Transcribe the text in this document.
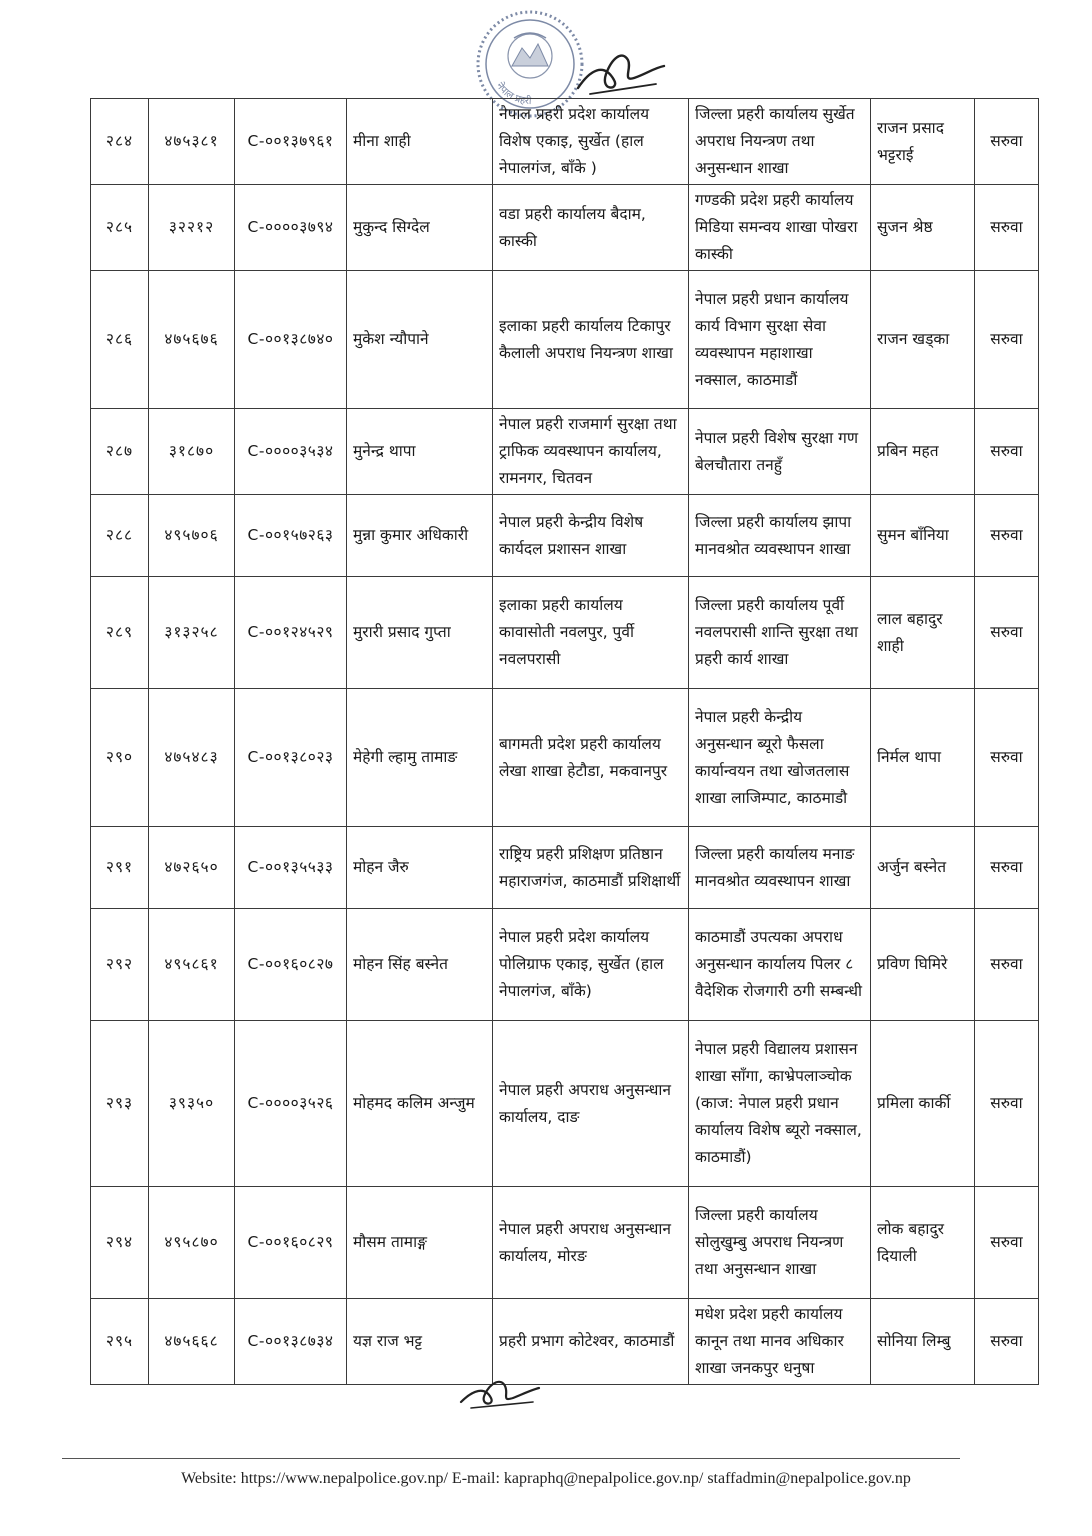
नेपाल प्रहरी
२८४	४७५३८१	C-००१३७९६१	मीना शाही	नेपाल प्रहरी प्रदेश कार्यालय विशेष एकाइ, सुर्खेत (हाल नेपालगंज, बाँके )	जिल्ला प्रहरी कार्यालय सुर्खेत अपराध नियन्त्रण तथा अनुसन्धान शाखा	राजन प्रसाद भट्टराई	सरुवा
२८५	३२२१२	C-००००३७९४	मुकुन्द सिग्देल	वडा प्रहरी कार्यालय बैदाम, कास्की	गण्डकी प्रदेश प्रहरी कार्यालय मिडिया समन्वय शाखा पोखरा कास्की	सुजन श्रेष्ठ	सरुवा
२८६	४७५६७६	C-००१३८७४०	मुकेश न्यौपाने	इलाका प्रहरी कार्यालय टिकापुर कैलाली अपराध नियन्त्रण शाखा	नेपाल प्रहरी प्रधान कार्यालय कार्य विभाग सुरक्षा सेवा व्यवस्थापन महाशाखा नक्साल, काठमाडौं	राजन खड्का	सरुवा
२८७	३१८७०	C-००००३५३४	मुनेन्द्र थापा	नेपाल प्रहरी राजमार्ग सुरक्षा तथा ट्राफिक व्यवस्थापन कार्यालय, रामनगर, चितवन	नेपाल प्रहरी विशेष सुरक्षा गण बेलचौतारा तनहुँ	प्रबिन महत	सरुवा
२८८	४९५७०६	C-००१५७२६३	मुन्ना कुमार अधिकारी	नेपाल प्रहरी केन्द्रीय विशेष कार्यदल प्रशासन शाखा	जिल्ला प्रहरी कार्यालय झापा मानवश्रोत व्यवस्थापन शाखा	सुमन बाँनिया	सरुवा
२८९	३१३२५८	C-००१२४५२९	मुरारी प्रसाद गुप्ता	इलाका प्रहरी कार्यालय कावासोती नवलपुर, पुर्वी नवलपरासी	जिल्ला प्रहरी कार्यालय पूर्वी नवलपरासी शान्ति सुरक्षा तथा प्रहरी कार्य शाखा	लाल बहादुर शाही	सरुवा
२९०	४७५४८३	C-००१३८०२३	मेहेगी ल्हामु तामाङ	बागमती प्रदेश प्रहरी कार्यालय लेखा शाखा हेटौडा, मकवानपुर	नेपाल प्रहरी केन्द्रीय अनुसन्धान ब्यूरो फैसला कार्यान्वयन तथा खोजतलास शाखा लाजिम्पाट, काठमाडौ	निर्मल थापा	सरुवा
२९१	४७२६५०	C-००१३५५३३	मोहन जैरु	राष्ट्रिय प्रहरी प्रशिक्षण प्रतिष्ठान महाराजगंज, काठमाडौं प्रशिक्षार्थी	जिल्ला प्रहरी कार्यालय मनाङ मानवश्रोत व्यवस्थापन शाखा	अर्जुन बस्नेत	सरुवा
२९२	४९५८६१	C-००१६०८२७	मोहन सिंह बस्नेत	नेपाल प्रहरी प्रदेश कार्यालय पोलिग्राफ एकाइ, सुर्खेत (हाल नेपालगंज, बाँके)	काठमाडौं उपत्यका अपराध अनुसन्धान कार्यालय पिलर ८ वैदेशिक रोजगारी ठगी सम्बन्धी	प्रविण घिमिरे	सरुवा
२९३	३९३५०	C-००००३५२६	मोहमद कलिम अन्जुम	नेपाल प्रहरी अपराध अनुसन्धान कार्यालय, दाङ	नेपाल प्रहरी विद्यालय प्रशासन शाखा साँगा, काभ्रेपलाञ्चोक (काज: नेपाल प्रहरी प्रधान कार्यालय विशेष ब्यूरो नक्साल, काठमाडौं)	प्रमिला कार्की	सरुवा
२९४	४९५८७०	C-००१६०८२९	मौसम तामाङ्ग	नेपाल प्रहरी अपराध अनुसन्धान कार्यालय, मोरङ	जिल्ला प्रहरी कार्यालय सोलुखुम्बु अपराध नियन्त्रण तथा अनुसन्धान शाखा	लोक बहादुर दियाली	सरुवा
२९५	४७५६६८	C-००१३८७३४	यज्ञ राज भट्ट	प्रहरी प्रभाग कोटेश्वर, काठमाडौं	मधेश प्रदेश प्रहरी कार्यालय कानून तथा मानव अधिकार शाखा जनकपुर धनुषा	सोनिया लिम्बु	सरुवा
Website: https://www.nepalpolice.gov.np/ E-mail: kapraphq@nepalpolice.gov.np/ staffadmin@nepalpolice.gov.np
